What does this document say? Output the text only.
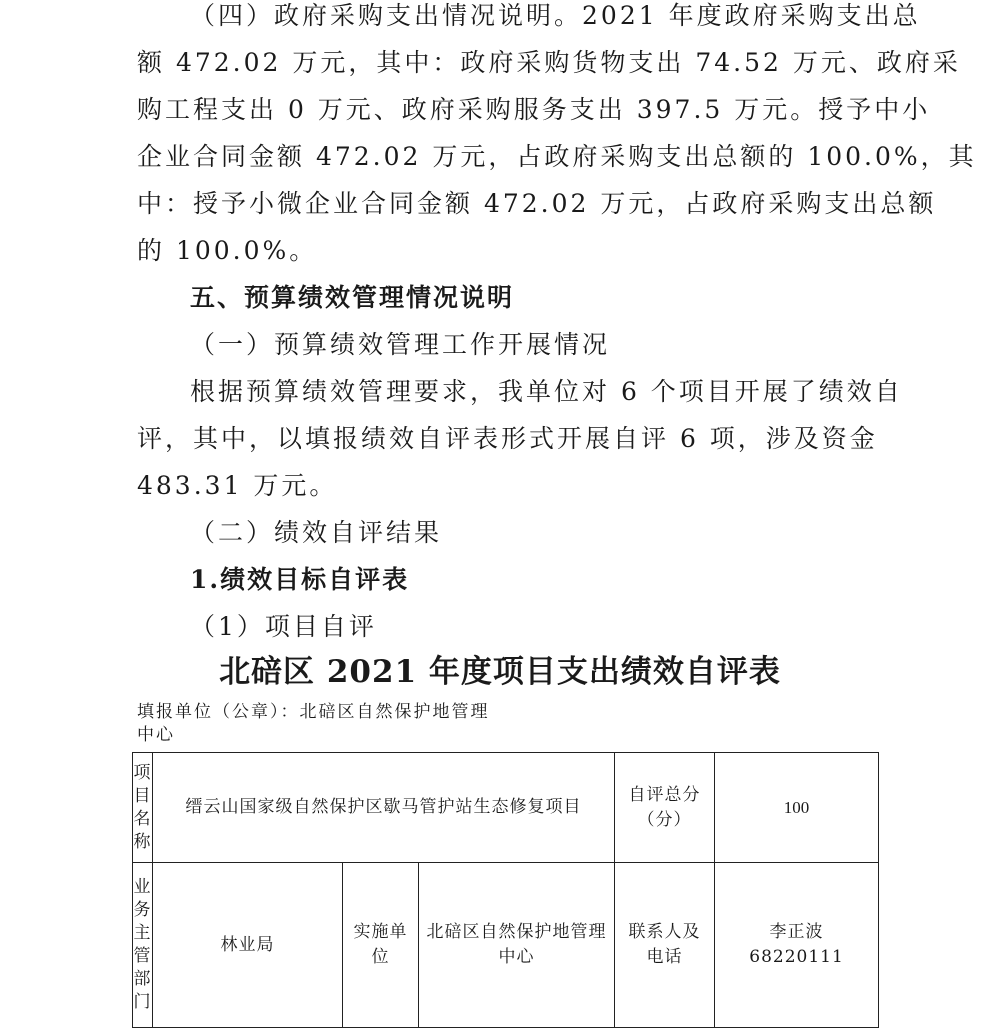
（四）政府采购支出情况说明。2021 年度政府采购支出总
额 472.02 万元，其中：政府采购货物支出 74.52 万元、政府采
购工程支出 0 万元、政府采购服务支出 397.5 万元。授予中小
企业合同金额 472.02 万元，占政府采购支出总额的 100.0%，其
中：授予小微企业合同金额 472.02 万元，占政府采购支出总额
的 100.0%。
五、预算绩效管理情况说明
（一）预算绩效管理工作开展情况
根据预算绩效管理要求，我单位对 6 个项目开展了绩效自
评，其中，以填报绩效自评表形式开展自评 6 项，涉及资金
483.31 万元。
（二）绩效自评结果
1.绩效目标自评表
（1）项目自评
北碚区 2021 年度项目支出绩效自评表
填报单位（公章）：北碚区自然保护地管理中心
项目名称	缙云山国家级自然保护区歇马管护站生态修复项目			自评总分（分）	100
业务主管部门	林业局	实施单位	北碚区自然保护地管理中心	联系人及电话	李正波 68220111
